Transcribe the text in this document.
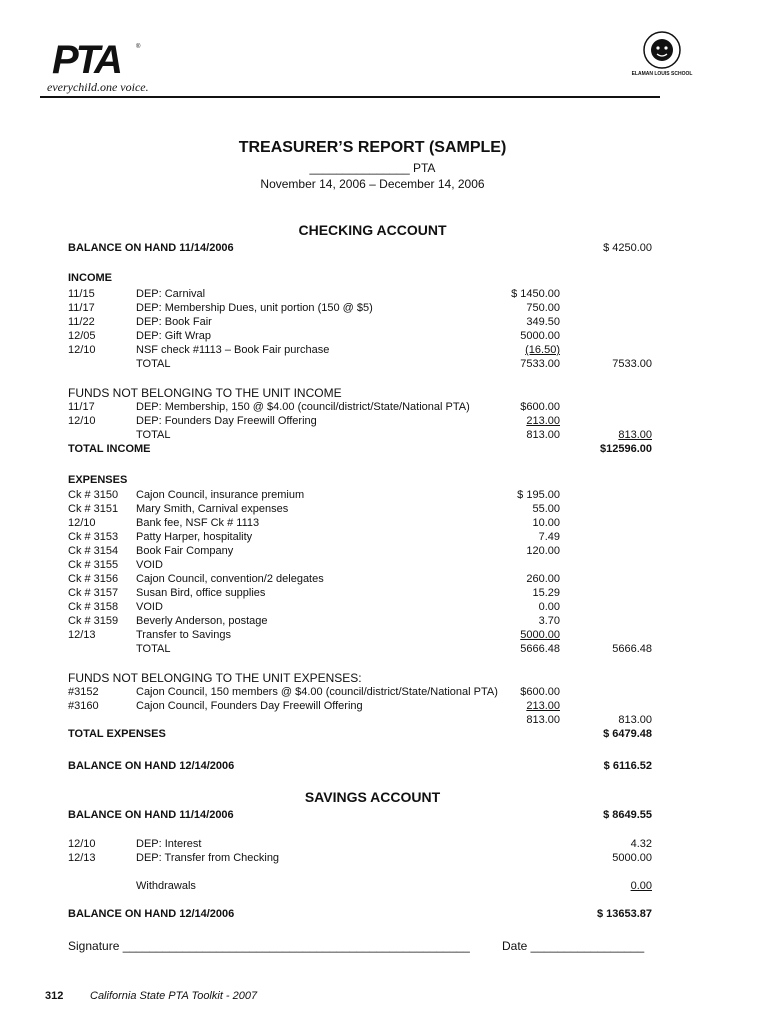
PTA	®
everychild.one voice.
ELAMAN LOUIS SCHOOL
TREASURER’S REPORT (SAMPLE)
_______________ PTA
November 14, 2006 – December 14, 2006
CHECKING ACCOUNT
BALANCE ON HAND 11/14/2006	$ 4250.00
INCOME
11/15	DEP: Carnival	$ 1450.00
11/17	DEP: Membership Dues, unit portion (150 @ $5)	750.00
11/22	DEP: Book Fair	349.50
12/05	DEP: Gift Wrap	5000.00
12/10	NSF check #1113 – Book Fair purchase	(16.50)
TOTAL	7533.00	7533.00
FUNDS NOT BELONGING TO THE UNIT INCOME
11/17	DEP: Membership, 150 @ $4.00 (council/district/State/National PTA)	$600.00
12/10	DEP: Founders Day Freewill Offering	213.00
TOTAL	813.00	813.00
TOTAL INCOME	$12596.00
EXPENSES
Ck # 3150 Cajon Council, insurance premium	$ 195.00
Ck # 3151 Mary Smith, Carnival expenses	55.00
12/10	Bank fee, NSF Ck # 1113	10.00
Ck # 3153 Patty Harper, hospitality	7.49
Ck # 3154 Book Fair Company	120.00
Ck # 3155 VOID
Ck # 3156 Cajon Council, convention/2 delegates	260.00
Ck # 3157 Susan Bird, office supplies	15.29
Ck # 3158 VOID	0.00
Ck # 3159 Beverly Anderson, postage	3.70
12/13	Transfer to Savings	5000.00
TOTAL	5666.48	5666.48
FUNDS NOT BELONGING TO THE UNIT EXPENSES:
#3152	Cajon Council, 150 members @ $4.00 (council/district/State/National PTA) $600.00
#3160	Cajon Council, Founders Day Freewill Offering	213.00
813.00	813.00
TOTAL EXPENSES	$ 6479.48
BALANCE ON HAND 12/14/2006	$ 6116.52
SAVINGS ACCOUNT
BALANCE ON HAND 11/14/2006	$ 8649.55
12/10	DEP: Interest	4.32
12/13	DEP: Transfer from Checking	5000.00
Withdrawals	0.00
BALANCE ON HAND 12/14/2006	$ 13653.87
Signature ____________________________________________________	Date _________________
312 California State PTA Toolkit - 2007
